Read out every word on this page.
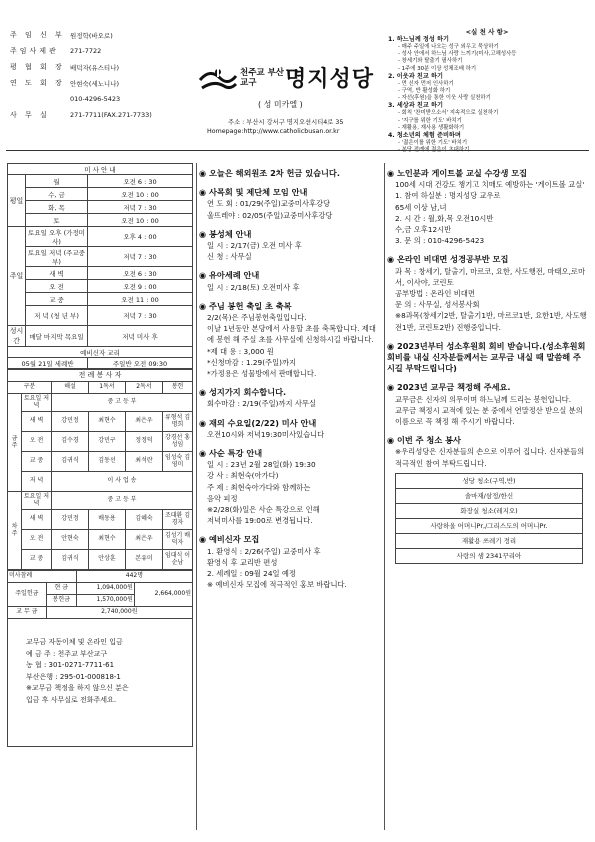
주 임 신 부	원정학(바오로)
주임사제관	271-7722
평 협 회 장	배덕자(유스티나)
연 도 회 장	안현숙(세노니나)
	010-4296-5423
사 무 실	271-7711(FAX.271-7733)
천주교 부산교구	명지성당
( 성 미카엘 )
주소 : 부산시 강서구 명지오션시티4로 35
Homepage:http://www.catholicbusan.or.kr
<실 천 사 항>
1. 하느님께 정성 하기
- 매주 주일에 나오는 성구 외우고 묵상하기
- 성사 안에서 하느님 사랑 느끼기(미사,고해성사등
- 창세기와 탈출기 필사하기
- 1주에 30분 이상 성체조배 하기
2. 이웃과 친교 하기
- 먼 신자 먼저 인사하기
- 구역, 반 활성화 하기
- 자선(후원)을 통한 이웃 사랑 실천하기
3. 세상과 친교 하기
- 회칙 '찬미받으소서' 지속적으로 실천하기
- '지구를 위한 기도' 바치기
- 재활용, 재사용 생활화하기
4. 청소년의 체험 준비하며
- '젊은이를 위한 기도' 바치기
- 본당 전례에 젊은이 초대하기
미 사 안 내		
평일	월	오전 6 : 30
	수, 금	오전 10 : 00
	화, 목	저녁 7 : 30
	토	오전 10 : 00
주일	토요일 오후 (가정미사)	오후 4 : 00
	토요일 저녁 (주교중부)	저녁 7 : 30
	새 벽	오전 6 : 30
	오 전	오전 9 : 00
	교 중	오전 11 : 00
	저 녁 (청 년 부)	저녁 7 : 30
성시간	매달 마지막 목요일	저녁 미사 후
예비신자 교리		
05월 21일 세례반		주일반 오전 09:30
전 례 봉 사 자					
구분		해설	1독서	2독서	봉헌
금주	토요일 저녁	중 고 등 부			
	새 벽	강민정	최현수	최은우	류형석 김명희
	오 전	김수경	강민구	정정덕	강경선 홍성임
	교 중	김귀식	김동선	최석란	임성숙 김영미
	저 녁	이 사 업 송			
차주	토요일 저녁	중 고 등 부			
	새 벽	강민정	배동용	김혜숙	조대환 김경자
	오 전	안현숙	최현수	최은우	김성기 배덕자
	교 중	김귀식	안상훈	본유미	임대식 이순남
미사참례		442명	
주일헌금	현 금	1,094,000원	2,664,000원
	봉헌금	1,570,000원	
교 무 금	2,740,000원		
교무금 자동이체 및 온라인 입금
예 금 주 : 천주교 부산교구
농 협 : 301-0271-7711-61
부산은행 : 295-01-000818-1
※교무금 책정을 하지 않으신 분은
입금 후 사무실로 전화주세요.

◉ 오늘은 해외원조 2차 헌금 있습니다.

◉ 사목회 및 제단체 모임 안내

연 도 회 : 01/29(주일)교중미사후강당

울뜨레야 : 02/05(주일)교중미사후강당

◉ 봉성체 안내

일 시 : 2/17(금) 오전 미사 후

신 청 : 사무실

◉ 유아세례 안내

일 시 : 2/18(토) 오전미사 후

◉ 주님 봉헌 축일 초 축복

2/2(목)은 주님봉헌축일입니다.

이날 1년동안 본당에서 사용할 초를 축복합니다. 제대에 봉헌 해 주실 초를 사무실에 신청하시길 바랍니다.

*제 대 용 : 3,000 원

*신청마감 : 1.29(주일)까지

*가정용은 성물방에서 판매합니다.

◉ 성지가지 회수합니다.

회수마감 : 2/19(주일)까지 사무실

◉ 재의 수요일(2/22) 미사 안내

오전10시와 저녁19:30미사있습니다

◉ 사순 특강 안내

일 시 : 23년 2월 28일(화) 19:30

강 사 : 최현숙(아가다)

주 제 : 최현숙아가다와 함께하는

음악 피정

※2/28(화)일은 사순 특강으로 인해

저녁미사를 19:00로 변경됩니다.

◉ 예비신자 모집

1. 환영식 : 2/26(주일) 교중미사 후

환영식 후 교리반 편성

2. 세례일 : 09월 24일 예정

※ 예비신자 모집에 적극적인 홍보 바랍니다.

◉ 노인분과 게이트볼 교실 수강생 모집

100세 시대 건강도 챙기고 치매도 예방하는 '게이트볼 교실'

1. 참여 하실분 : 명지성당 교우로

65세 이상 남,녀

2. 시 간 : 월,화,목 오전10시반

수,금 오후12시반

3. 문 의 : 010-4296-5423

◉ 온라인 비대면 성경공부반 모집

과 목 : 창세기, 탈출기, 마르코, 요한, 사도행전, 마태오,로마서, 이사야, 코린토

공부방법 : 온라인 비대면

문 의 : 사무실, 성서봉사회

※8과목(창세기2반, 탈출기1반, 마르코1반, 요한1반, 사도행전1반, 코린토2반) 진행중입니다.

◉ 2023년부터 성소후원회 회비 받습니다.(성소후원회 회비를 내실 신자분들께서는 교무금 내실 때 말씀해 주시길 부탁드립니다)

◉ 2023년 교무금 책정해 주세요.

교무금은 신자의 의무이며 하느님께 드리는 봉헌입니다.

교무금 책정시 교적에 있는 분 중에서 연말정산 받으실 분의 이름으로 꼭 책정 해 주시기 바랍니다.

◉ 이번 주 청소 봉사

※우리성당은 신자분들의 손으로 이루어 집니다. 신자분들의 적극적인 참여 부탁드립니다.

성당 청소(구역,반)
솔마재/삼정/한신
화장실 청소(레지오)
사랑하올 어머니Pr,/그리스도의 어머니Pr.
재활용 쓰레기 정리
사랑의 샘 2341꾸리아
